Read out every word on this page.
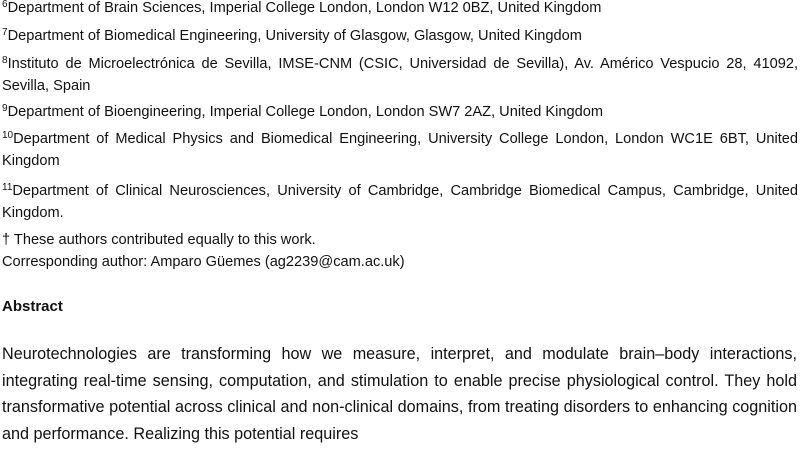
$^6$Department of Brain Sciences, Imperial College London, London W12 0BZ, United Kingdom
$^7$Department of Biomedical Engineering, University of Glasgow, Glasgow, United Kingdom
$^8$Instituto de Microelectrónica de Sevilla, IMSE-CNM (CSIC, Universidad de Sevilla), Av. Américo Vespucio 28, 41092, Sevilla, Spain
$^9$Department of Bioengineering, Imperial College London, London SW7 2AZ, United Kingdom
$^{10}$Department of Medical Physics and Biomedical Engineering, University College London, London WC1E 6BT, United Kingdom
$^{11}$Department of Clinical Neurosciences, University of Cambridge, Cambridge Biomedical Campus, Cambridge, United Kingdom.
† These authors contributed equally to this work.
Corresponding author: Amparo Güemes (ag2239@cam.ac.uk)
Abstract
Neurotechnologies are transforming how we measure, interpret, and modulate brain–body interactions, integrating real-time sensing, computation, and stimulation to enable precise physiological control. They hold transformative potential across clinical and non-clinical domains, from treating disorders to enhancing cognition and performance. Realizing this potential requires
